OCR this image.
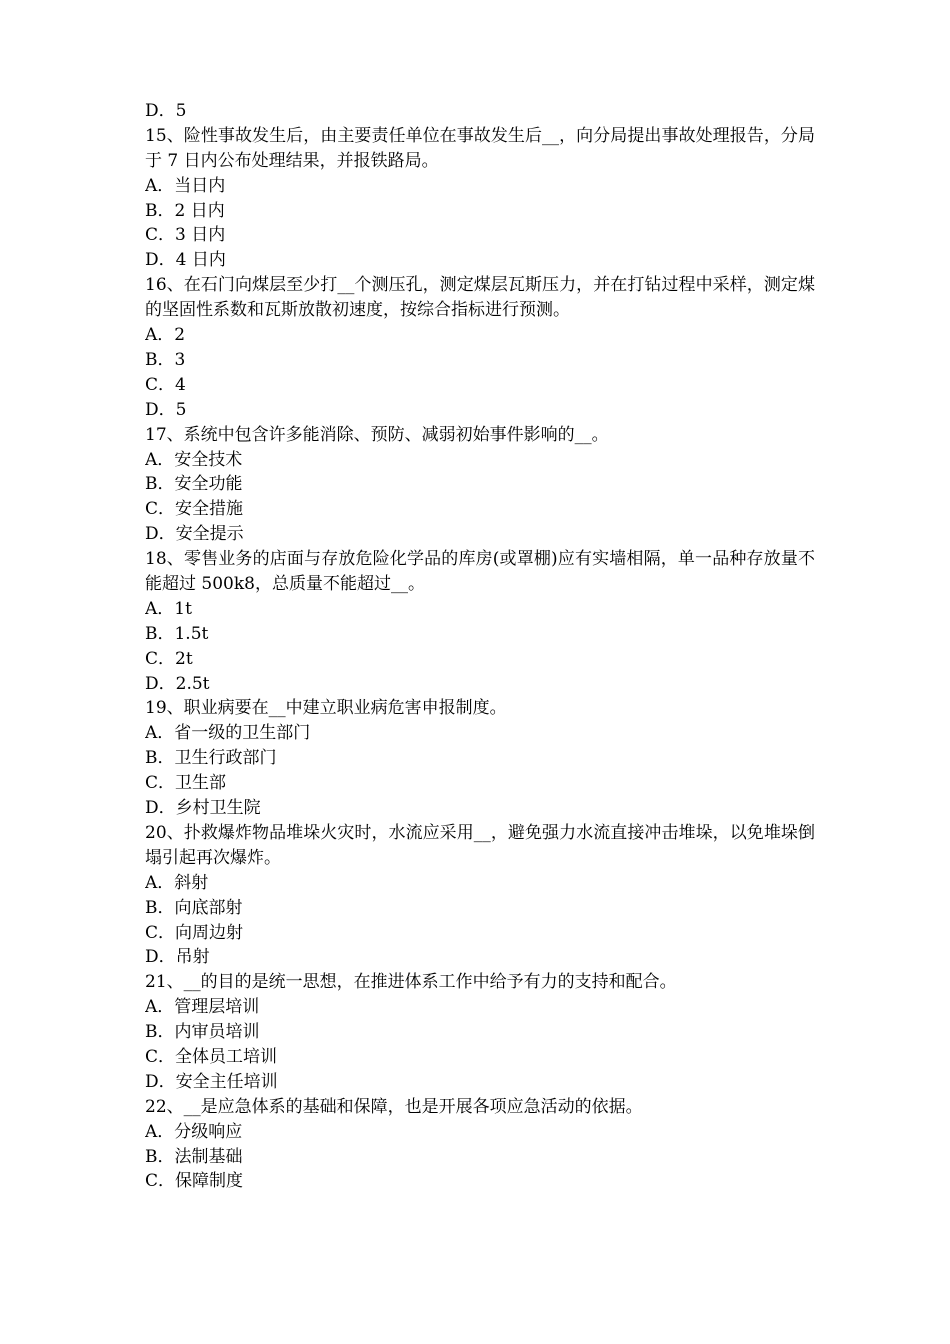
D．5
15、险性事故发生后，由主要责任单位在事故发生后__，向分局提出事故处理报告，分局于 7 日内公布处理结果，并报铁路局。
A．当日内
B．2 日内
C．3 日内
D．4 日内
16、在石门向煤层至少打__个测压孔，测定煤层瓦斯压力，并在打钻过程中采样，测定煤的坚固性系数和瓦斯放散初速度，按综合指标进行预测。
A．2
B．3
C．4
D．5
17、系统中包含许多能消除、预防、减弱初始事件影响的__。
A．安全技术
B．安全功能
C．安全措施
D．安全提示
18、零售业务的店面与存放危险化学品的库房(或罩棚)应有实墙相隔，单一品种存放量不能超过 500k8，总质量不能超过__。
A．1t
B．1.5t
C．2t
D．2.5t
19、职业病要在__中建立职业病危害申报制度。
A．省一级的卫生部门
B．卫生行政部门
C．卫生部
D．乡村卫生院
20、扑救爆炸物品堆垛火灾时，水流应采用__，避免强力水流直接冲击堆垛，以免堆垛倒塌引起再次爆炸。
A．斜射
B．向底部射
C．向周边射
D．吊射
21、__的目的是统一思想，在推进体系工作中给予有力的支持和配合。
A．管理层培训
B．内审员培训
C．全体员工培训
D．安全主任培训
22、__是应急体系的基础和保障，也是开展各项应急活动的依据。
A．分级响应
B．法制基础
C．保障制度
